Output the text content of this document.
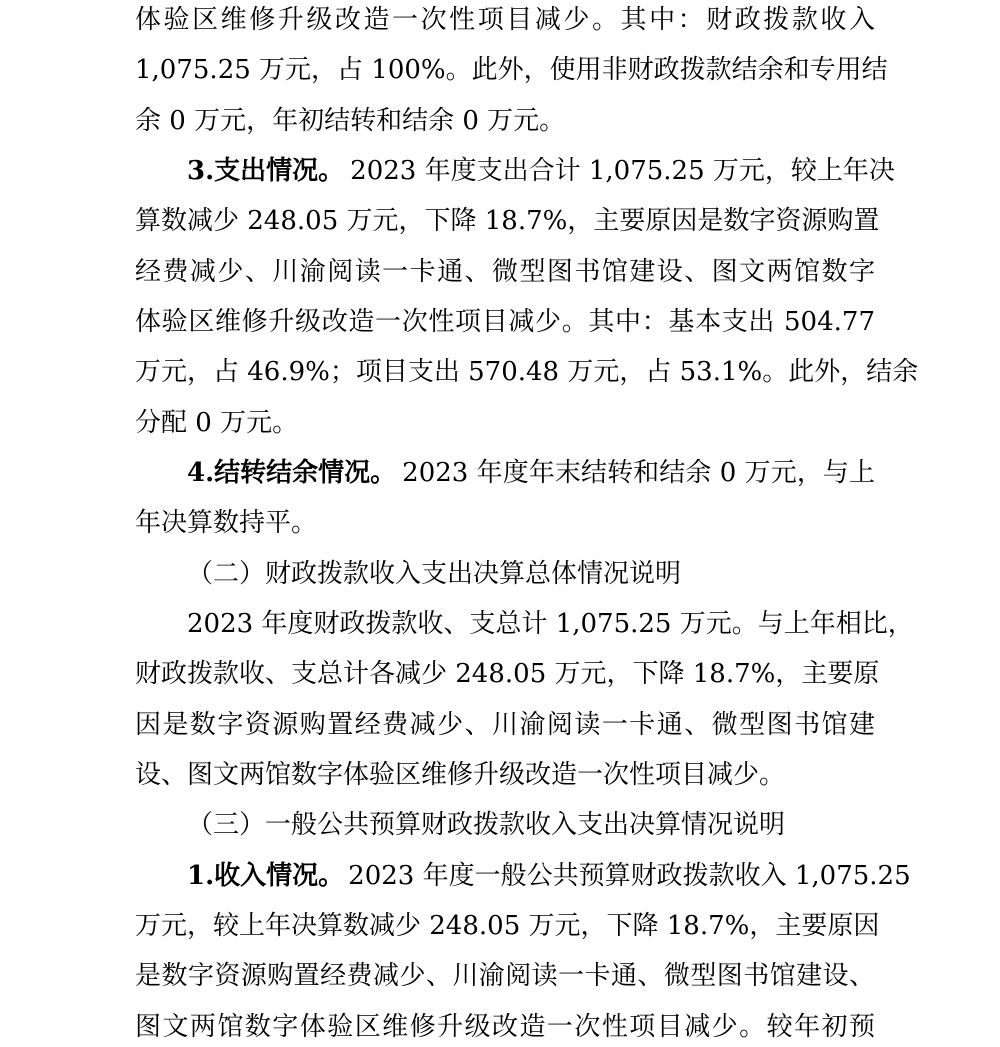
体验区维修升级改造一次性项目减少。其中：财政拨款收入
1,075.25 万元，占 100%。此外，使用非财政拨款结余和专用结
余 0 万元，年初结转和结余 0 万元。
3.支出情况。 2023 年度支出合计 1,075.25 万元，较上年决
算数减少 248.05 万元，下降 18.7%，主要原因是数字资源购置
经费减少、川渝阅读一卡通、微型图书馆建设、图文两馆数字
体验区维修升级改造一次性项目减少。其中：基本支出 504.77
万元，占 46.9%；项目支出 570.48 万元，占 53.1%。此外，结余
分配 0 万元。
4.结转结余情况。 2023 年度年末结转和结余 0 万元，与上
年决算数持平。
（二）财政拨款收入支出决算总体情况说明
2023 年度财政拨款收、支总计 1,075.25 万元。与上年相比，
财政拨款收、支总计各减少 248.05 万元，下降 18.7%，主要原
因是数字资源购置经费减少、川渝阅读一卡通、微型图书馆建
设、图文两馆数字体验区维修升级改造一次性项目减少。
（三）一般公共预算财政拨款收入支出决算情况说明
1.收入情况。 2023 年度一般公共预算财政拨款收入 1,075.25
万元，较上年决算数减少 248.05 万元，下降 18.7%，主要原因
是数字资源购置经费减少、川渝阅读一卡通、微型图书馆建设、
图文两馆数字体验区维修升级改造一次性项目减少。较年初预
